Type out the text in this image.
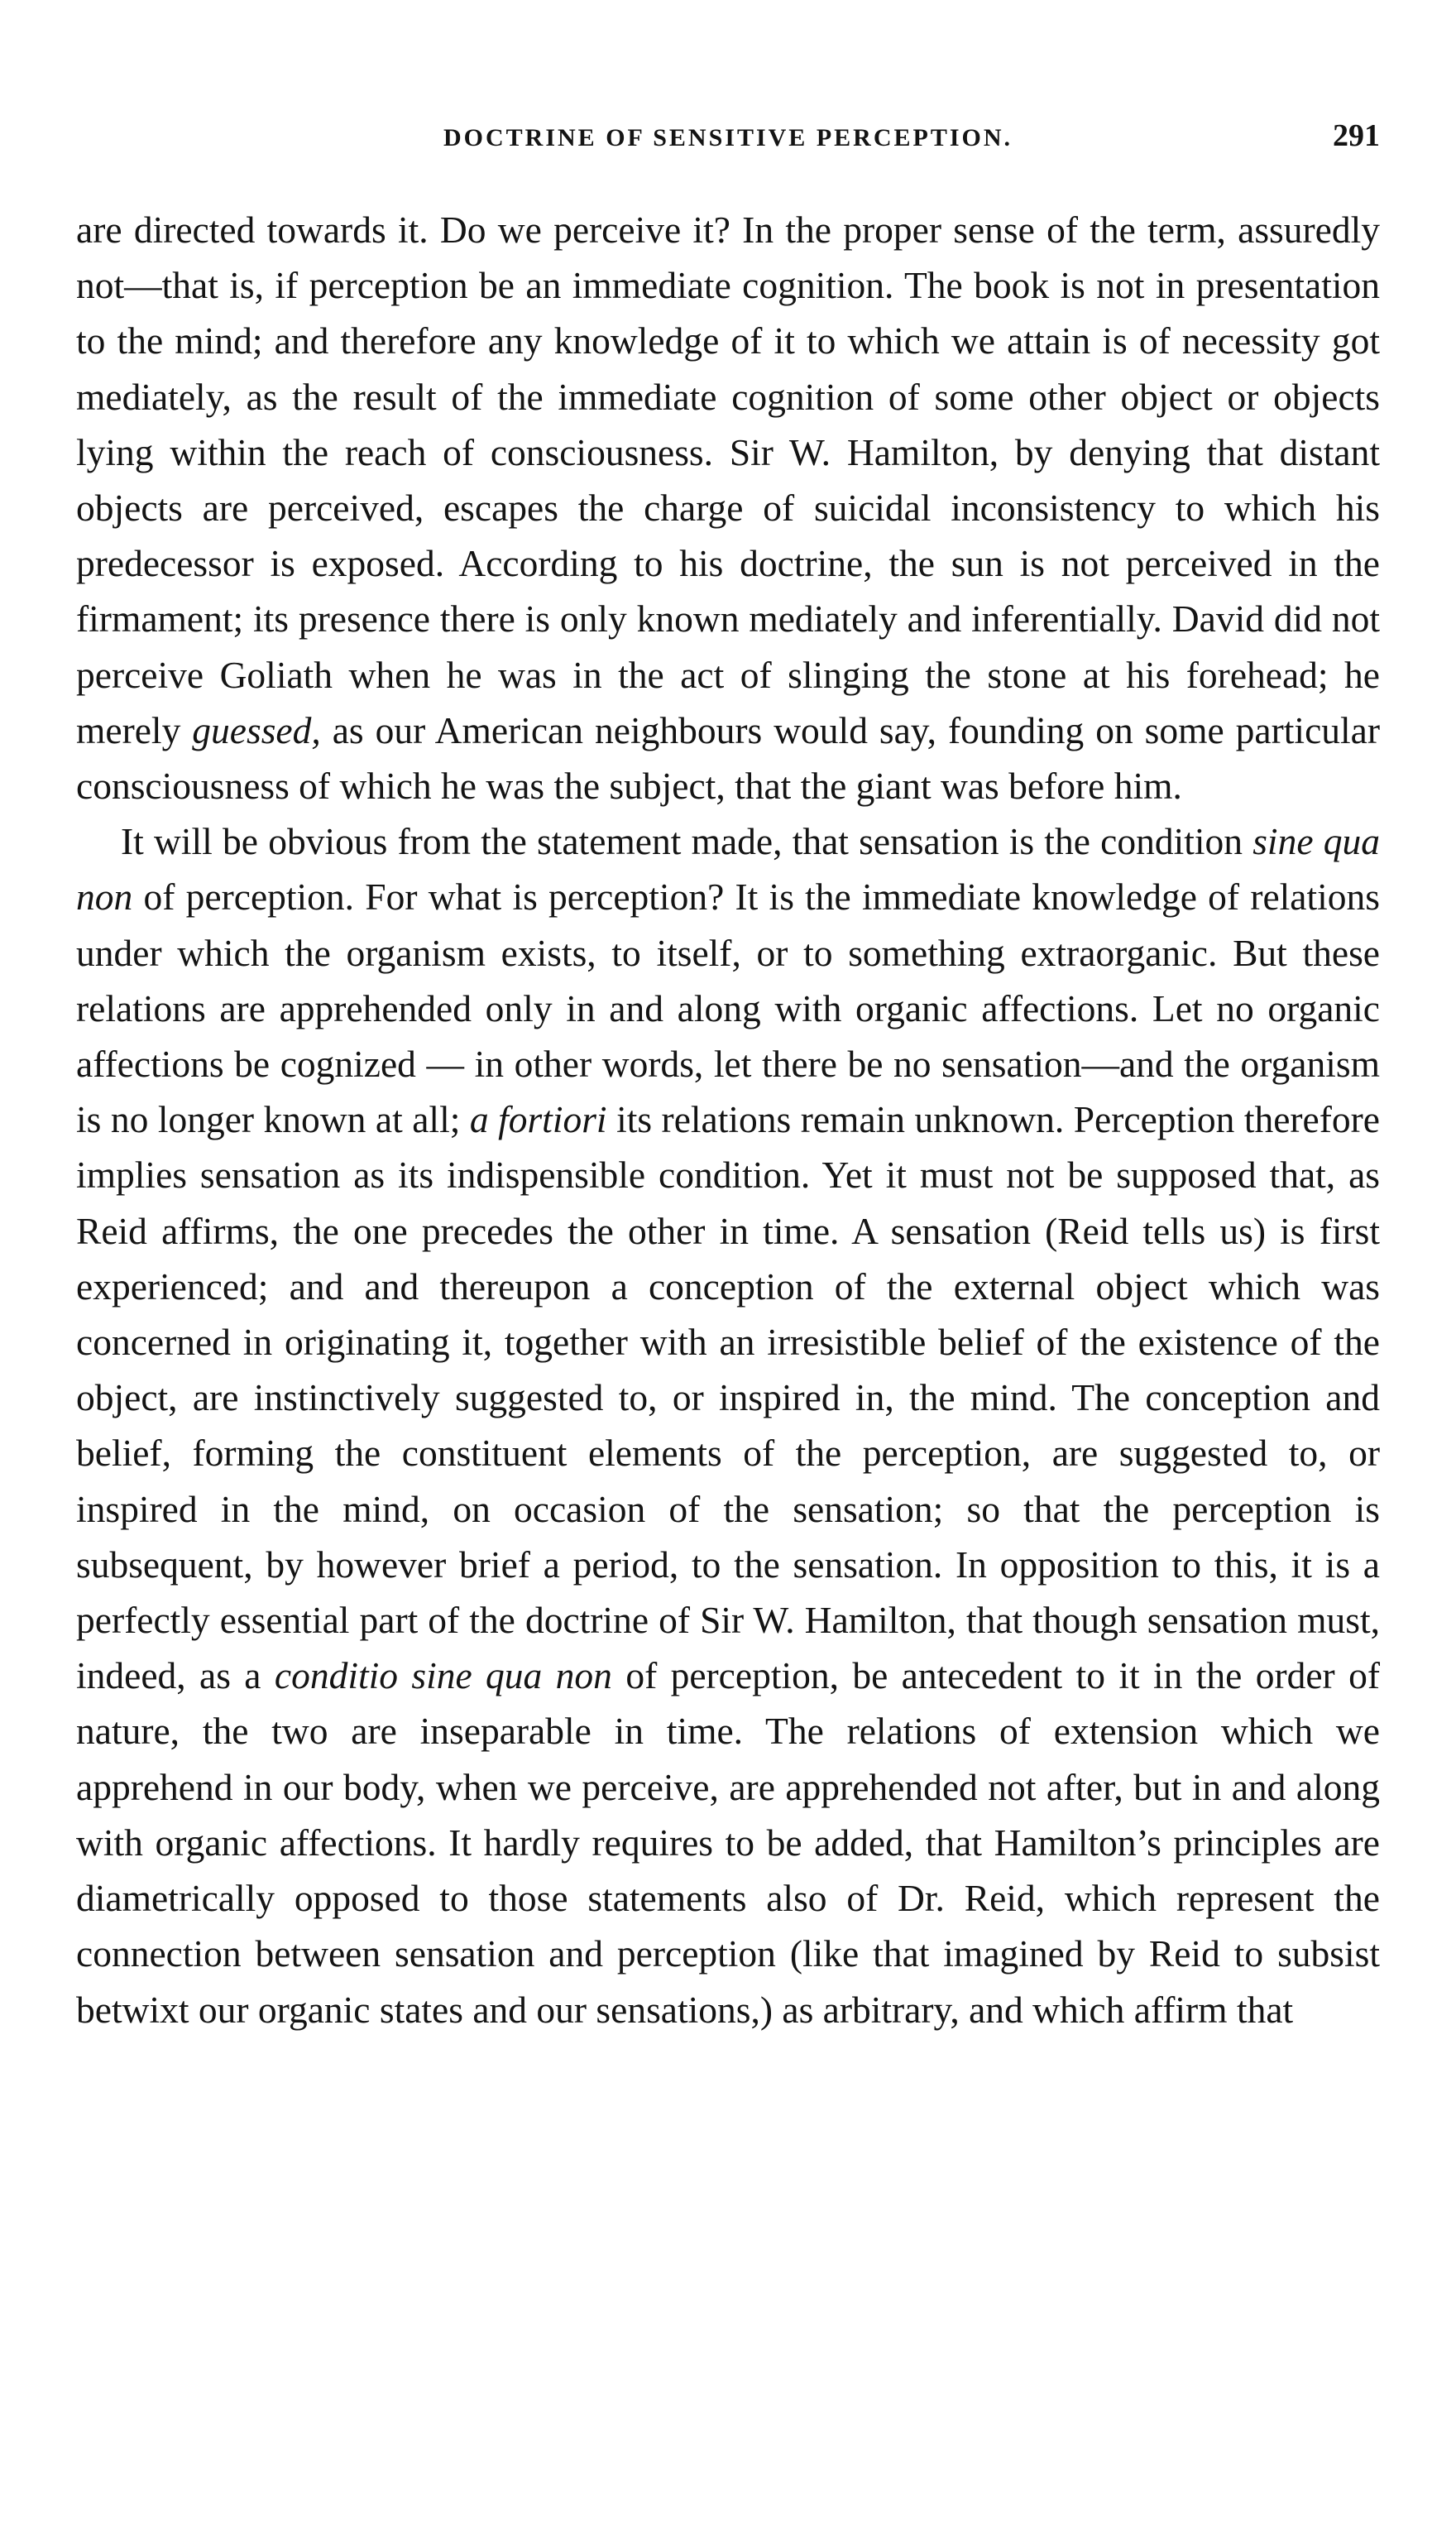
DOCTRINE OF SENSITIVE PERCEPTION.	291

are directed towards it. Do we perceive it? In the proper sense of the term, assuredly not—that is, if perception be an immediate cognition. The book is not in presentation to the mind; and therefore any knowledge of it to which we attain is of necessity got mediately, as the result of the immediate cognition of some other object or objects lying within the reach of consciousness. Sir W. Hamilton, by denying that distant objects are perceived, escapes the charge of suicidal inconsistency to which his predecessor is exposed. According to his doctrine, the sun is not perceived in the firmament; its presence there is only known mediately and inferentially. David did not perceive Goliath when he was in the act of slinging the stone at his forehead; he merely guessed, as our American neighbours would say, founding on some particular consciousness of which he was the subject, that the giant was before him.

It will be obvious from the statement made, that sensation is the condition sine qua non of perception. For what is perception? It is the immediate knowledge of relations under which the organism exists, to itself, or to something extraorganic. But these relations are apprehended only in and along with organic affections. Let no organic affections be cognized — in other words, let there be no sensation—and the organism is no longer known at all; a fortiori its relations remain unknown. Perception therefore implies sensation as its indispensible condition. Yet it must not be supposed that, as Reid affirms, the one precedes the other in time. A sensation (Reid tells us) is first experienced; and and thereupon a conception of the external object which was concerned in originating it, together with an irresistible belief of the existence of the object, are instinctively suggested to, or inspired in, the mind. The conception and belief, forming the constituent elements of the perception, are suggested to, or inspired in the mind, on occasion of the sensation; so that the perception is subsequent, by however brief a period, to the sensation. In opposition to this, it is a perfectly essential part of the doctrine of Sir W. Hamilton, that though sensation must, indeed, as a conditio sine qua non of perception, be antecedent to it in the order of nature, the two are inseparable in time. The relations of extension which we apprehend in our body, when we perceive, are apprehended not after, but in and along with organic affections. It hardly requires to be added, that Hamilton’s principles are diametrically opposed to those statements also of Dr. Reid, which represent the connection between sensation and perception (like that imagined by Reid to subsist betwixt our organic states and our sensations,) as arbitrary, and which affirm that
